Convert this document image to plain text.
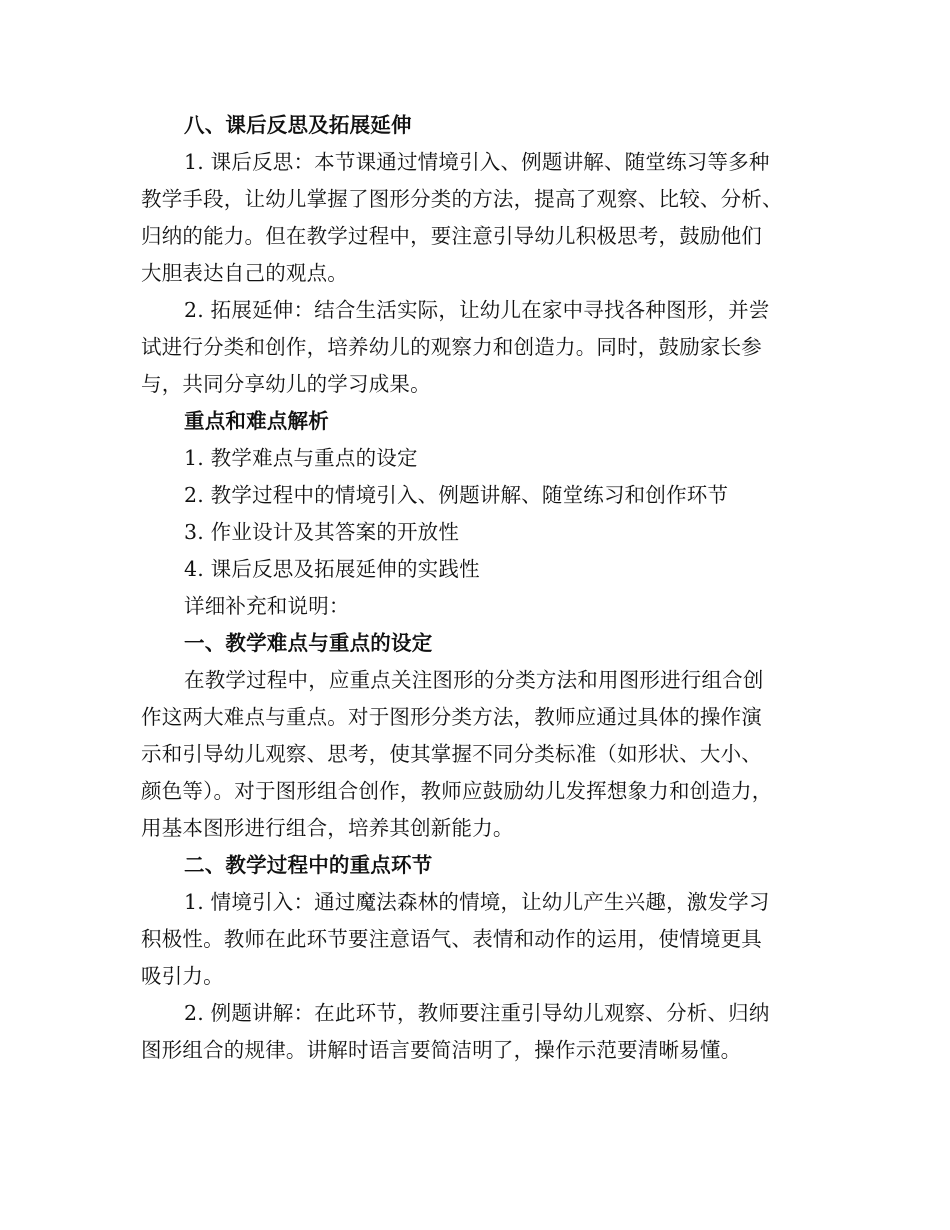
八、课后反思及拓展延伸
1. 课后反思：本节课通过情境引入、例题讲解、随堂练习等多种
教学手段，让幼儿掌握了图形分类的方法，提高了观察、比较、分析、
归纳的能力。但在教学过程中，要注意引导幼儿积极思考，鼓励他们
大胆表达自己的观点。
2. 拓展延伸：结合生活实际，让幼儿在家中寻找各种图形，并尝
试进行分类和创作，培养幼儿的观察力和创造力。同时，鼓励家长参
与，共同分享幼儿的学习成果。
重点和难点解析
1. 教学难点与重点的设定
2. 教学过程中的情境引入、例题讲解、随堂练习和创作环节
3. 作业设计及其答案的开放性
4. 课后反思及拓展延伸的实践性
详细补充和说明：
一、教学难点与重点的设定
在教学过程中，应重点关注图形的分类方法和用图形进行组合创
作这两大难点与重点。对于图形分类方法，教师应通过具体的操作演
示和引导幼儿观察、思考，使其掌握不同分类标准（如形状、大小、
颜色等）。对于图形组合创作，教师应鼓励幼儿发挥想象力和创造力，
用基本图形进行组合，培养其创新能力。
二、教学过程中的重点环节
1. 情境引入：通过魔法森林的情境，让幼儿产生兴趣，激发学习
积极性。教师在此环节要注意语气、表情和动作的运用，使情境更具
吸引力。
2. 例题讲解：在此环节，教师要注重引导幼儿观察、分析、归纳
图形组合的规律。讲解时语言要简洁明了，操作示范要清晰易懂。
